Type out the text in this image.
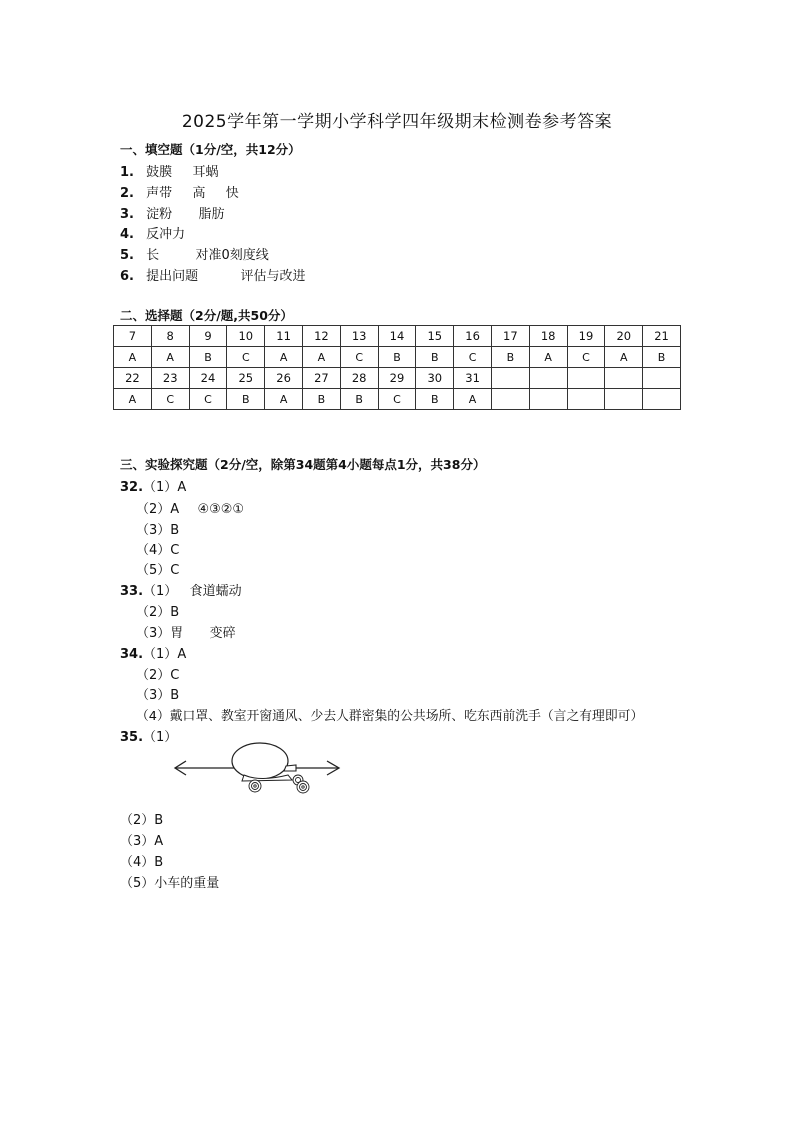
2025学年第一学期小学科学四年级期末检测卷参考答案
一、填空题（1分/空，共12分）
1. 鼓膜 耳蜗
2. 声带 高 快
3. 淀粉 脂肪
4. 反冲力
5. 长	对准0刻度线
6. 提出问题	评估与改进
二、选择题（2分/题,共50分）
7	8	9	10	11	12	13	14	15	16	17	18	19	20	21
A	A	B	C	A	A	C	B	B	C	B	A	C	A	B
22	23	24	25	26	27	28	29	30	31					
A	C	C	B	A	B	B	C	B	A					
三、实验探究题（2分/空，除第34题第4小题每点1分，共38分）
32.（1）A
（2）A ④③②①
（3）B
（4）C
（5）C
33.（1） 食道蠕动
（2）B
（3）胃 变碎
34.（1）A
（2）C
（3）B
（4）戴口罩、教室开窗通风、少去人群密集的公共场所、吃东西前洗手（言之有理即可）
35.（1）
（2）B
（3）A
（4）B
（5）小车的重量
